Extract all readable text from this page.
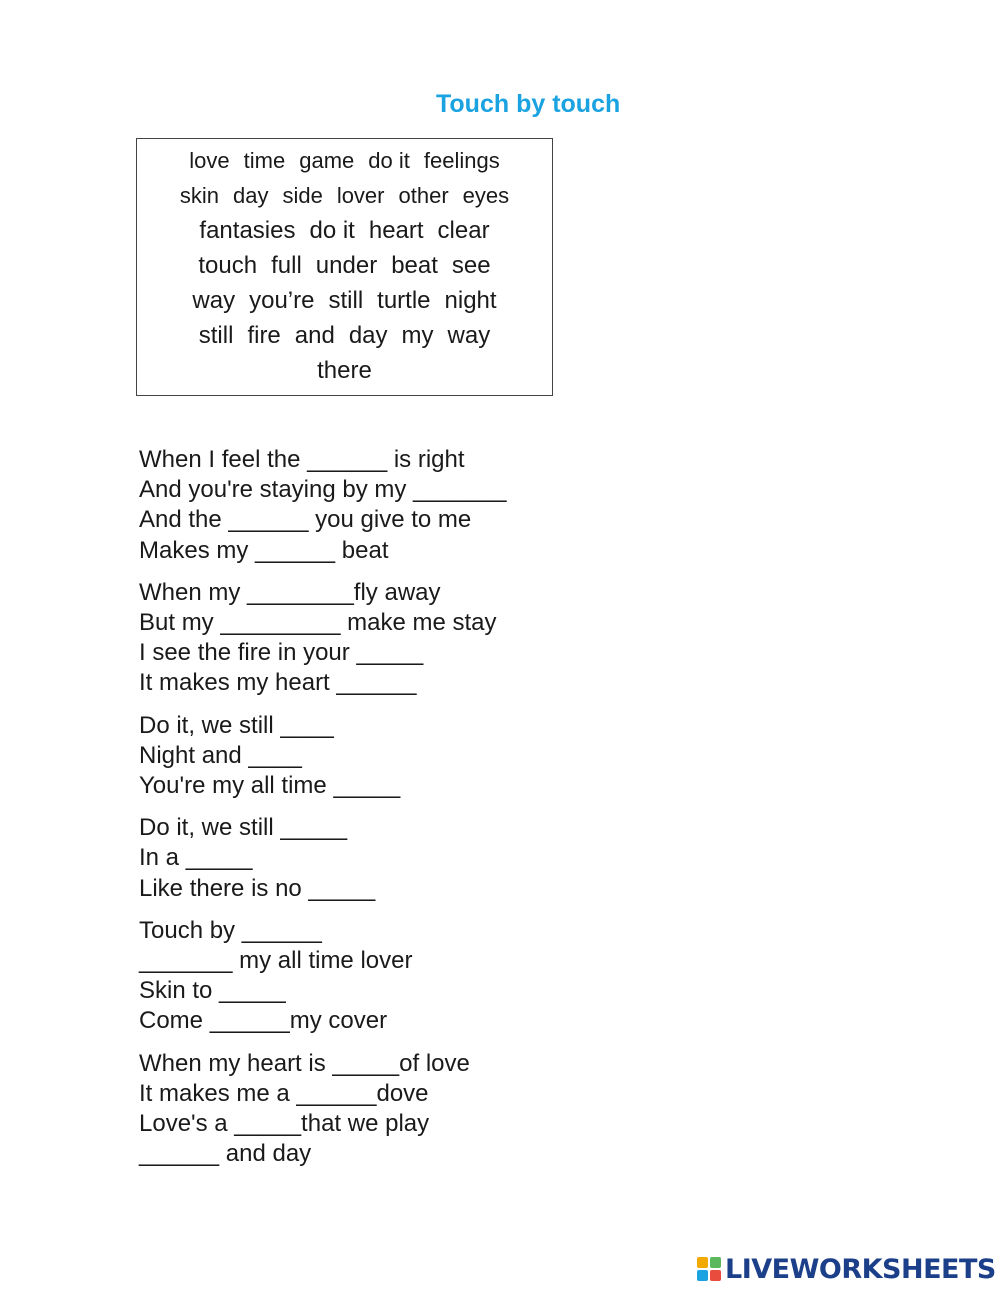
Touch by touch
love time game do it feelings
skin day side lover other eyes
fantasies do it heart clear
touch full under beat see
way you’re still turtle night
still fire and day my way
there
When I feel the ______ is right
And you're staying by my _______
And the ______ you give to me
Makes my ______ beat
When my ________fly away
But my _________ make me stay
I see the fire in your _____
It makes my heart ______
Do it, we still ____
Night and ____
You're my all time _____
Do it, we still _____
In a _____
Like there is no _____
Touch by ______
_______ my all time lover
Skin to _____
Come ______my cover
When my heart is _____of love
It makes me a ______dove
Love's a _____that we play
______ and day
LIVEWORKSHEETS
